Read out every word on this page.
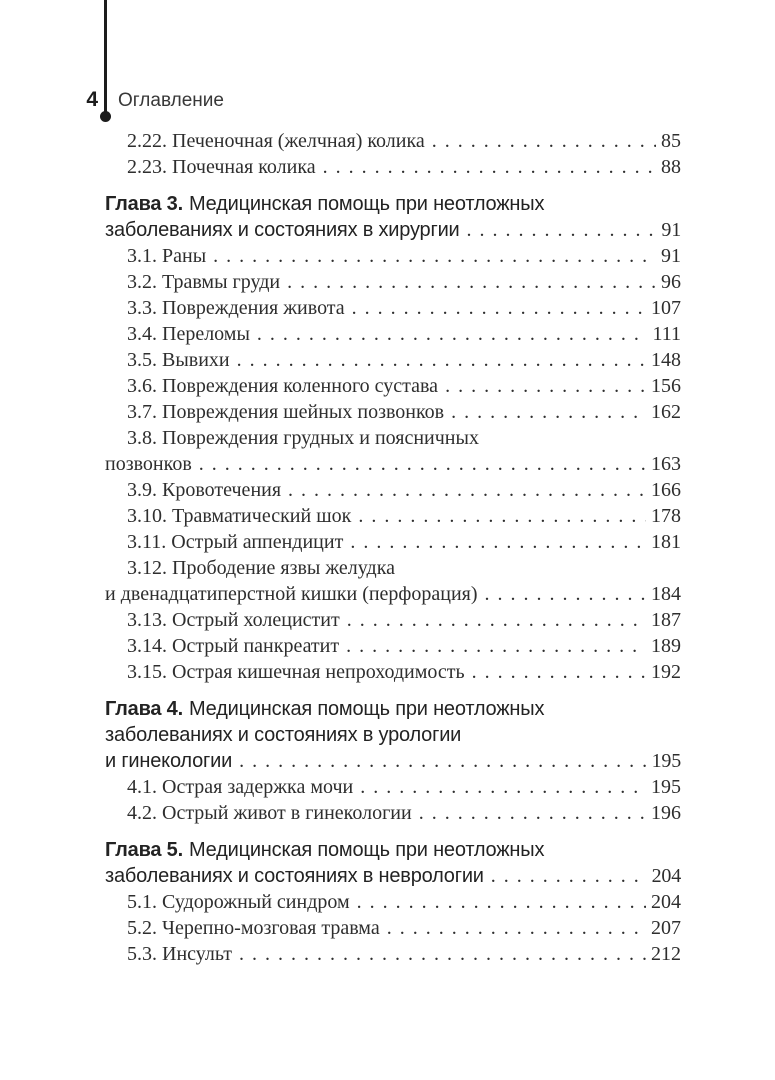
4 Оглавление
2.22. Печеночная (желчная) колика . . .	85
2.23. Почечная колика . . .	88
Глава 3. Медицинская помощь при неотложных
заболеваниях и состояниях в хирургии . . .	91
3.1. Раны . . .	91
3.2. Травмы груди . . .	96
3.3. Повреждения живота . . .	107
3.4. Переломы . . .	111
3.5. Вывихи . . .	148
3.6. Повреждения коленного сустава . . .	156
3.7. Повреждения шейных позвонков . . .	162
3.8. Повреждения грудных и поясничных
позвонков . . .	163
3.9. Кровотечения . . .	166
3.10. Травматический шок . . .	178
3.11. Острый аппендицит . . .	181
3.12. Прободение язвы желудка
и двенадцатиперстной кишки (перфорация) . . .	184
3.13. Острый холецистит . . .	187
3.14. Острый панкреатит . . .	189
3.15. Острая кишечная непроходимость . . .	192
Глава 4. Медицинская помощь при неотложных
заболеваниях и состояниях в урологии
и гинекологии . . .	195
4.1. Острая задержка мочи . . .	195
4.2. Острый живот в гинекологии . . .	196
Глава 5. Медицинская помощь при неотложных
заболеваниях и состояниях в неврологии . . .	204
5.1. Судорожный синдром . . .	204
5.2. Черепно-мозговая травма . . .	207
5.3. Инсульт . . .	212
